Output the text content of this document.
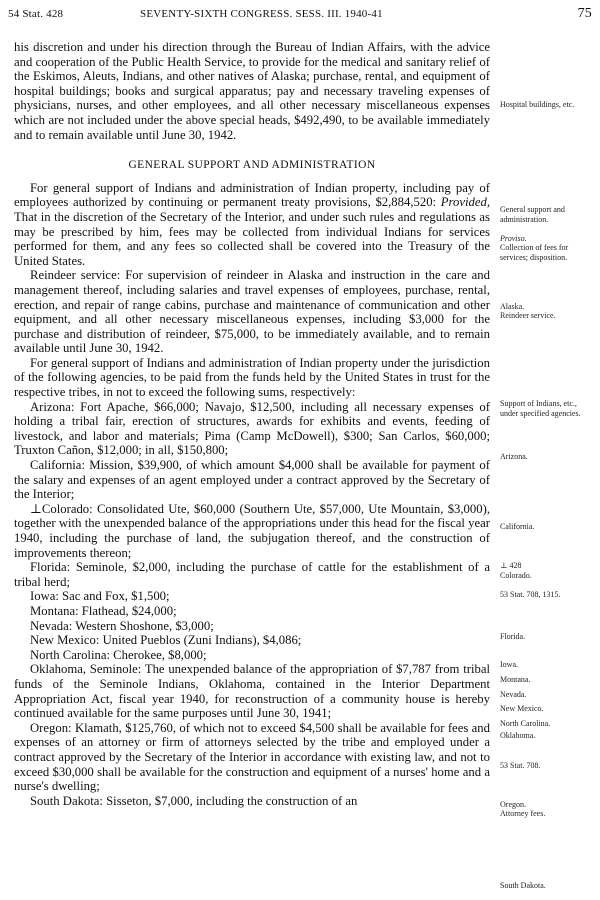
54 Stat. 428	SEVENTY-SIXTH CONGRESS. SESS. III. 1940-41	75

his discretion and under his direction through the Bureau of Indian Affairs, with the advice and cooperation of the Public Health Service, to provide for the medical and sanitary relief of the Eskimos, Aleuts, Indians, and other natives of Alaska; purchase, rental, and equipment of hospital buildings; books and surgical apparatus; pay and necessary traveling expenses of physicians, nurses, and other employees, and all other necessary miscellaneous expenses which are not included under the above special heads, $492,490, to be available immediately and to remain available until June 30, 1942.

GENERAL SUPPORT AND ADMINISTRATION

For general support of Indians and administration of Indian property, including pay of employees authorized by continuing or permanent treaty provisions, $2,884,520: Provided, That in the discretion of the Secretary of the Interior, and under such rules and regulations as may be prescribed by him, fees may be collected from individual Indians for services performed for them, and any fees so collected shall be covered into the Treasury of the United States.

Reindeer service: For supervision of reindeer in Alaska and instruction in the care and management thereof, including salaries and travel expenses of employees, purchase, rental, erection, and repair of range cabins, purchase and maintenance of communication and other equipment, and all other necessary miscellaneous expenses, including $3,000 for the purchase and distribution of reindeer, $75,000, to be immediately available, and to remain available until June 30, 1942.

For general support of Indians and administration of Indian property under the jurisdiction of the following agencies, to be paid from the funds held by the United States in trust for the respective tribes, in not to exceed the following sums, respectively:

Arizona: Fort Apache, $66,000; Navajo, $12,500, including all necessary expenses of holding a tribal fair, erection of structures, awards for exhibits and events, feeding of livestock, and labor and materials; Pima (Camp McDowell), $300; San Carlos, $60,000; Truxton Cañon, $12,000; in all, $150,800;

California: Mission, $39,900, of which amount $4,000 shall be available for payment of the salary and expenses of an agent employed under a contract approved by the Secretary of the Interior;

⊥Colorado: Consolidated Ute, $60,000 (Southern Ute, $57,000, Ute Mountain, $3,000), together with the unexpended balance of the appropriations under this head for the fiscal year 1940, including the purchase of land, the subjugation thereof, and the construction of improvements thereon;

Florida: Seminole, $2,000, including the purchase of cattle for the establishment of a tribal herd;

Iowa: Sac and Fox, $1,500;

Montana: Flathead, $24,000;

Nevada: Western Shoshone, $3,000;

New Mexico: United Pueblos (Zuni Indians), $4,086;

North Carolina: Cherokee, $8,000;

Oklahoma, Seminole: The unexpended balance of the appropriation of $7,787 from tribal funds of the Seminole Indians, Oklahoma, contained in the Interior Department Appropriation Act, fiscal year 1940, for reconstruction of a community house is hereby continued available for the same purposes until June 30, 1941;

Oregon: Klamath, $125,760, of which not to exceed $4,500 shall be available for fees and expenses of an attorney or firm of attorneys selected by the tribe and employed under a contract approved by the Secretary of the Interior in accordance with existing law, and not to exceed $30,000 shall be available for the construction and equipment of a nurses' home and a nurse's dwelling;

South Dakota: Sisseton, $7,000, including the construction of an

Hospital buildings, etc.
General support and administration.
Proviso.
Collection of fees for services; disposition.
Alaska.
Reindeer service.
Support of Indians, etc., under specified agencies.
Arizona.
California.
⊥ 428
Colorado.
53 Stat. 708, 1315.
Florida.
Iowa.
Montana.
Nevada.
New Mexico.
North Carolina.
Oklahoma.
53 Stat. 708.
Oregon.
Attorney fees.
South Dakota.
